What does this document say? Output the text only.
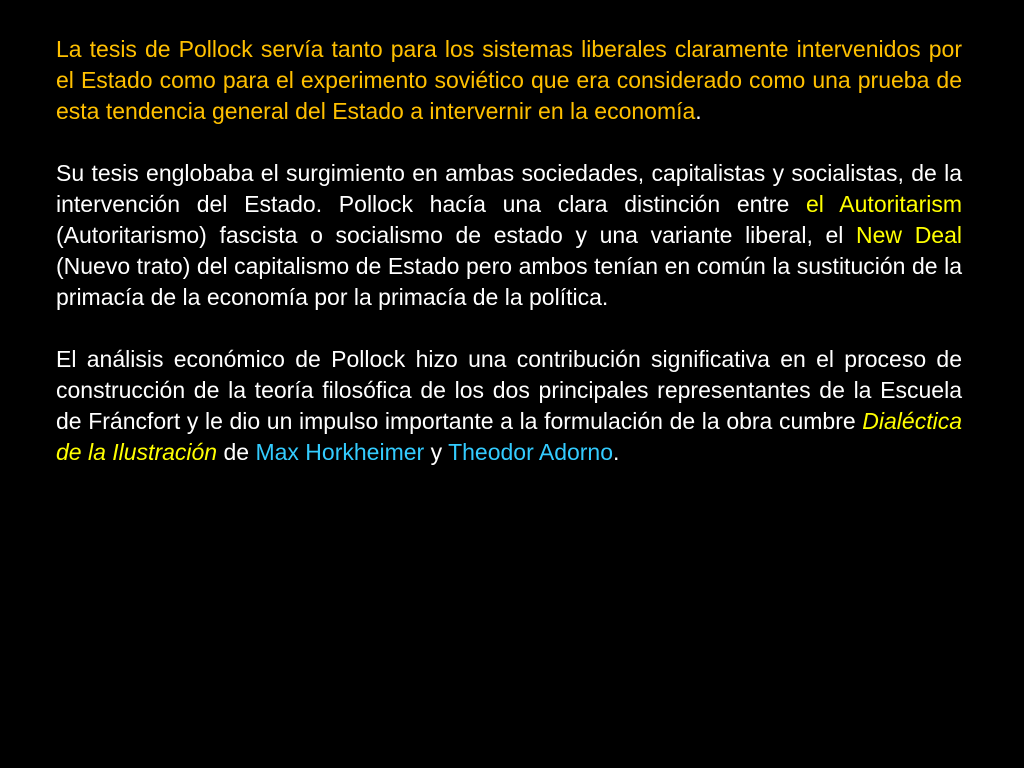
La tesis de Pollock servía tanto para los sistemas liberales claramente intervenidos por el Estado como para el experimento soviético que era considerado como una prueba de esta tendencia general del Estado a intervernir en la economía.

Su tesis englobaba el surgimiento en ambas sociedades, capitalistas y socialistas, de la intervención del Estado. Pollock hacía una clara distinción entre el Autoritarism (Autoritarismo) fascista o socialismo de estado y una variante liberal, el New Deal (Nuevo trato) del capitalismo de Estado pero ambos tenían en común la sustitución de la primacía de la economía por la primacía de la política.

El análisis económico de Pollock hizo una contribución significativa en el proceso de construcción de la teoría filosófica de los dos principales representantes de la Escuela de Fráncfort y le dio un impulso importante a la formulación de la obra cumbre Dialéctica de la Ilustración de Max Horkheimer y Theodor Adorno.
